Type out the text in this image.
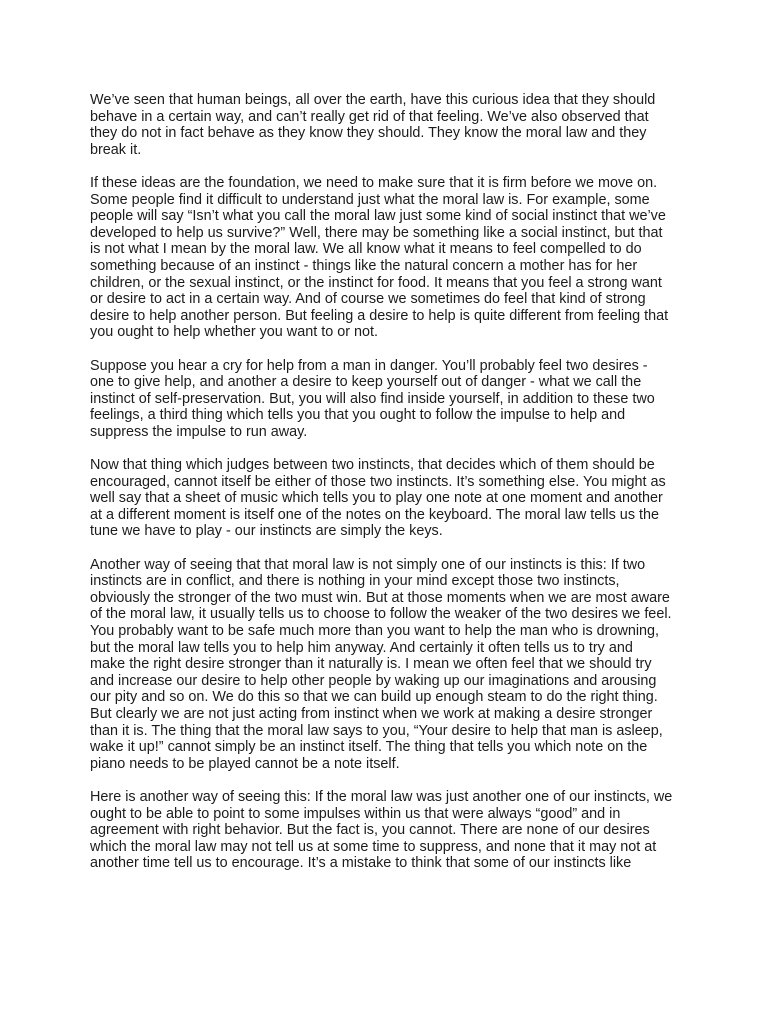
We’ve seen that human beings, all over the earth, have this curious idea that they should
behave in a certain way, and can’t really get rid of that feeling. We’ve also observed that
they do not in fact behave as they know they should. They know the moral law and they
break it.

If these ideas are the foundation, we need to make sure that it is firm before we move on.
Some people find it difficult to understand just what the moral law is. For example, some
people will say “Isn’t what you call the moral law just some kind of social instinct that we’ve
developed to help us survive?” Well, there may be something like a social instinct, but that
is not what I mean by the moral law. We all know what it means to feel compelled to do
something because of an instinct - things like the natural concern a mother has for her
children, or the sexual instinct, or the instinct for food. It means that you feel a strong want
or desire to act in a certain way. And of course we sometimes do feel that kind of strong
desire to help another person. But feeling a desire to help is quite different from feeling that
you ought to help whether you want to or not.

Suppose you hear a cry for help from a man in danger. You’ll probably feel two desires -
one to give help, and another a desire to keep yourself out of danger - what we call the
instinct of self-preservation. But, you will also find inside yourself, in addition to these two
feelings, a third thing which tells you that you ought to follow the impulse to help and
suppress the impulse to run away.

Now that thing which judges between two instincts, that decides which of them should be
encouraged, cannot itself be either of those two instincts. It’s something else. You might as
well say that a sheet of music which tells you to play one note at one moment and another
at a different moment is itself one of the notes on the keyboard. The moral law tells us the
tune we have to play - our instincts are simply the keys.

Another way of seeing that that moral law is not simply one of our instincts is this: If two
instincts are in conflict, and there is nothing in your mind except those two instincts,
obviously the stronger of the two must win. But at those moments when we are most aware
of the moral law, it usually tells us to choose to follow the weaker of the two desires we feel.
You probably want to be safe much more than you want to help the man who is drowning,
but the moral law tells you to help him anyway. And certainly it often tells us to try and
make the right desire stronger than it naturally is. I mean we often feel that we should try
and increase our desire to help other people by waking up our imaginations and arousing
our pity and so on. We do this so that we can build up enough steam to do the right thing.
But clearly we are not just acting from instinct when we work at making a desire stronger
than it is. The thing that the moral law says to you, “Your desire to help that man is asleep,
wake it up!” cannot simply be an instinct itself. The thing that tells you which note on the
piano needs to be played cannot be a note itself.

Here is another way of seeing this: If the moral law was just another one of our instincts, we
ought to be able to point to some impulses within us that were always “good” and in
agreement with right behavior. But the fact is, you cannot. There are none of our desires
which the moral law may not tell us at some time to suppress, and none that it may not at
another time tell us to encourage. It’s a mistake to think that some of our instincts like
